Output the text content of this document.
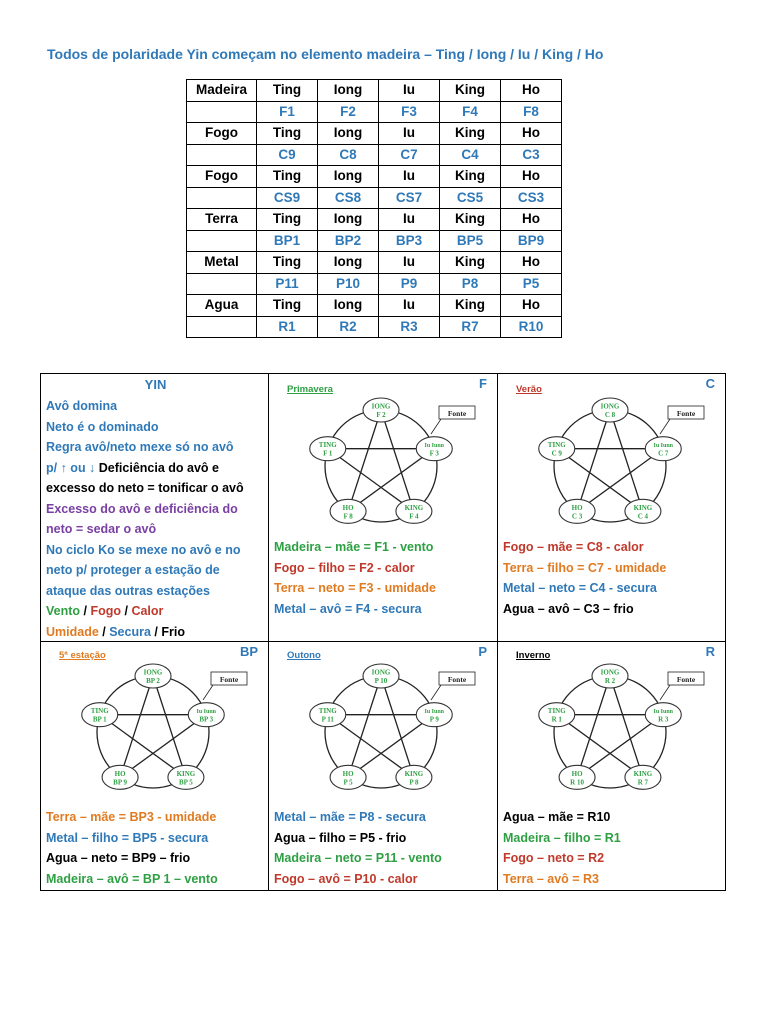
Todos de polaridade Yin começam no elemento madeira – Ting / Iong / Iu / King / Ho
Madeira	Ting	Iong	Iu	King	Ho
	F1	F2	F3	F4	F8
Fogo	Ting	Iong	Iu	King	Ho
	C9	C8	C7	C4	C3
Fogo	Ting	Iong	Iu	King	Ho
	CS9	CS8	CS7	CS5	CS3
Terra	Ting	Iong	Iu	King	Ho
	BP1	BP2	BP3	BP5	BP9
Metal	Ting	Iong	Iu	King	Ho
	P11	P10	P9	P8	P5
Agua	Ting	Iong	Iu	King	Ho
	R1	R2	R3	R7	R10
YIN
Avô domina
Neto é o dominado
Regra avô/neto mexe só no avô
p/ ↑ ou ↓ Deficiência do avô e
excesso do neto = tonificar o avô
Excesso do avô e deficiência do
neto = sedar o avô
No ciclo Ko se mexe no avô e no
neto p/ proteger a estação de
ataque das outras estações
Vento / Fogo / Calor
Umidade / Secura / Frio
Primavera	F
Fonte
IONG
F 2
Iu Iunn
F 3
KING
F 4
HO
F 8
TING
F 1
Madeira – mãe = F1 - vento
Fogo – filho = F2 - calor
Terra – neto = F3 - umidade
Metal – avô = F4 - secura
Verão	C
Fonte
IONG
C 8
Iu Iunn
C 7
KING
C 4
HO
C 3
TING
C 9
Fogo – mãe = C8 - calor
Terra – filho = C7 - umidade
Metal – neto = C4 - secura
Agua – avô – C3 – frio
5ª estação	BP
Fonte
IONG
BP 2
Iu Iunn
BP 3
KING
BP 5
HO
BP 9
TING
BP 1
Terra – mãe = BP3 - umidade
Metal – filho = BP5 - secura
Agua – neto = BP9 – frio
Madeira – avô = BP 1 – vento
Outono	P
Fonte
IONG
P 10
Iu Iunn
P 9
KING
P 8
HO
P 5
TING
P 11
Metal – mãe = P8 - secura
Agua – filho = P5 - frio
Madeira – neto = P11 - vento
Fogo – avô = P10 - calor
Inverno	R
Fonte
IONG
R 2
Iu Iunn
R 3
KING
R 7
HO
R 10
TING
R 1
Agua – mãe = R10
Madeira – filho = R1
Fogo – neto = R2
Terra – avô = R3
